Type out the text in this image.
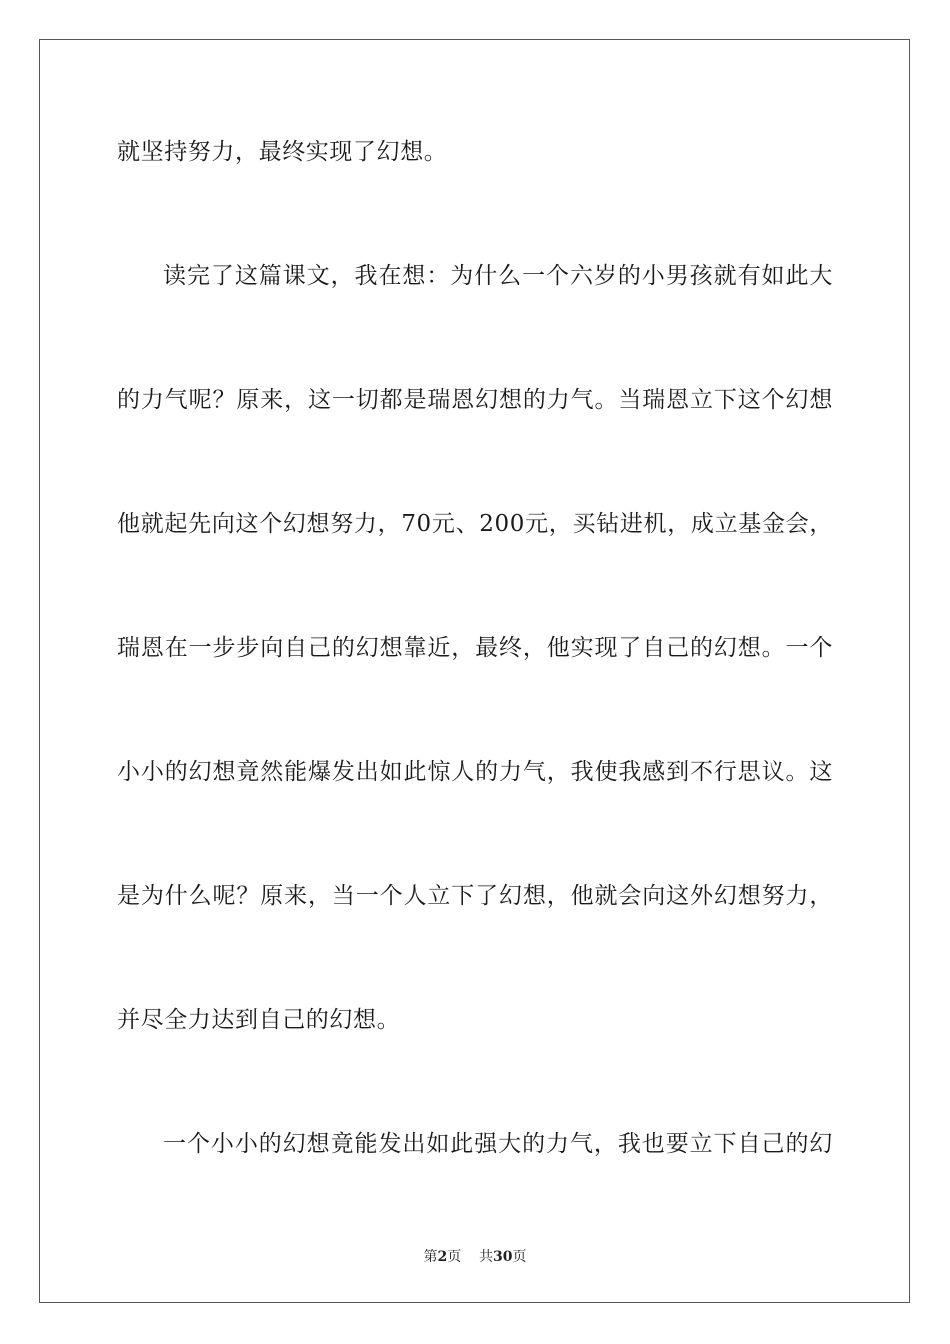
就坚持努力，最终实现了幻想。
读完了这篇课文，我在想：为什么一个六岁的小男孩就有如此大
的力气呢？原来，这一切都是瑞恩幻想的力气。当瑞恩立下这个幻想
他就起先向这个幻想努力，70元、200元，买钻进机，成立基金会，
瑞恩在一步步向自己的幻想靠近，最终，他实现了自己的幻想。一个
小小的幻想竟然能爆发出如此惊人的力气，我使我感到不行思议。这
是为什么呢？原来，当一个人立下了幻想，他就会向这外幻想努力，
并尽全力达到自己的幻想。
一个小小的幻想竟能发出如此强大的力气，我也要立下自己的幻
第2页 共30页
